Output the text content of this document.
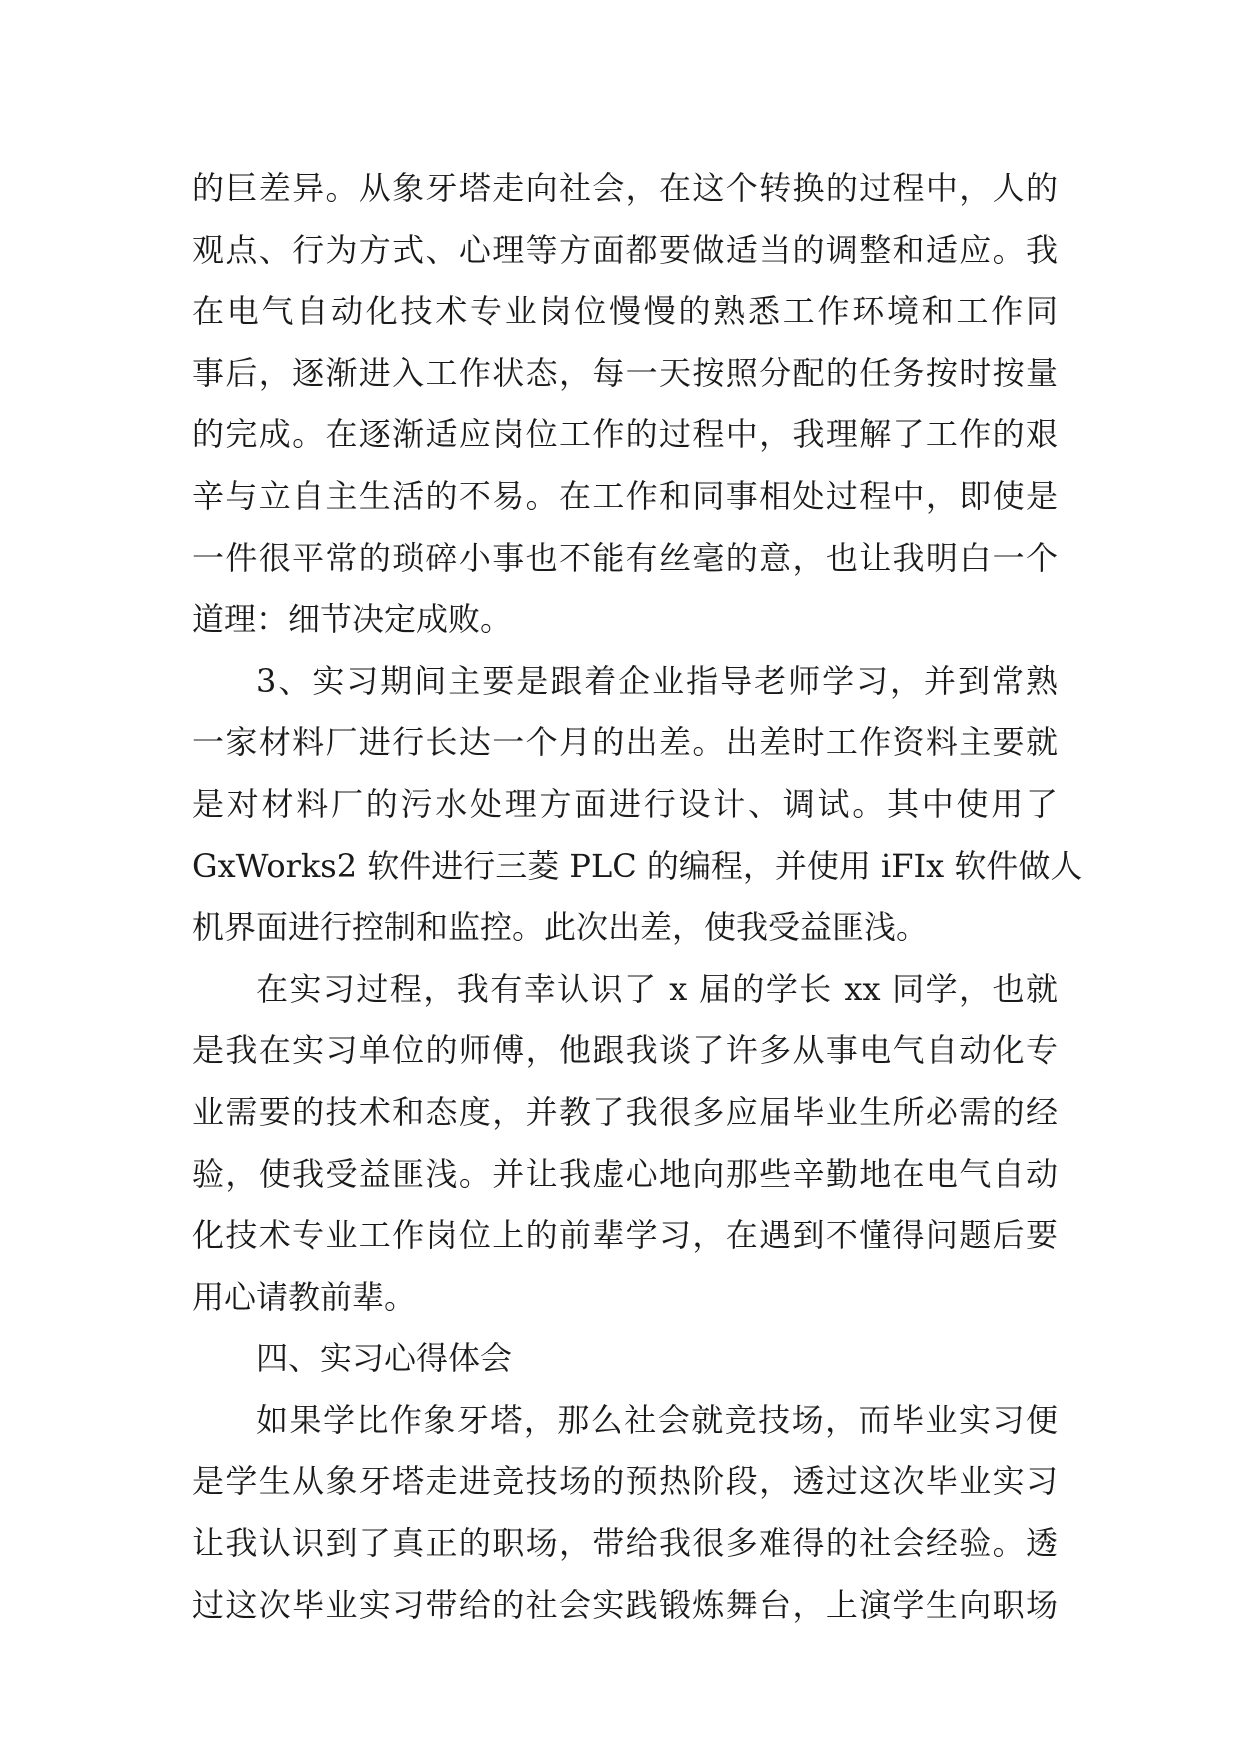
的巨差异。从象牙塔走向社会，在这个转换的过程中，人的
观点、行为方式、心理等方面都要做适当的调整和适应。我
在电气自动化技术专业岗位慢慢的熟悉工作环境和工作同
事后，逐渐进入工作状态，每一天按照分配的任务按时按量
的完成。在逐渐适应岗位工作的过程中，我理解了工作的艰
辛与立自主生活的不易。在工作和同事相处过程中，即使是
一件很平常的琐碎小事也不能有丝毫的意，也让我明白一个
道理：细节决定成败。
3、实习期间主要是跟着企业指导老师学习，并到常熟
一家材料厂进行长达一个月的出差。出差时工作资料主要就
是对材料厂的污水处理方面进行设计、调试。其中使用了
GxWorks2 软件进行三菱 PLC 的编程，并使用 iFIx 软件做人
机界面进行控制和监控。此次出差，使我受益匪浅。
在实习过程，我有幸认识了 x 届的学长 xx 同学，也就
是我在实习单位的师傅，他跟我谈了许多从事电气自动化专
业需要的技术和态度，并教了我很多应届毕业生所必需的经
验，使我受益匪浅。并让我虚心地向那些辛勤地在电气自动
化技术专业工作岗位上的前辈学习，在遇到不懂得问题后要
用心请教前辈。
四、实习心得体会
如果学比作象牙塔，那么社会就竞技场，而毕业实习便
是学生从象牙塔走进竞技场的预热阶段，透过这次毕业实习
让我认识到了真正的职场，带给我很多难得的社会经验。透
过这次毕业实习带给的社会实践锻炼舞台，上演学生向职场
